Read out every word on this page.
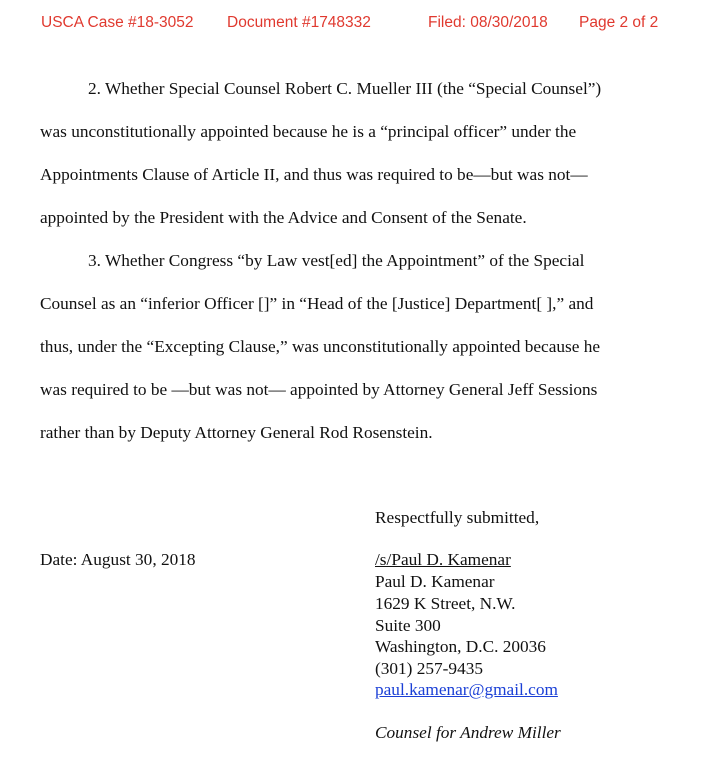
USCA Case #18-3052 Document #1748332	Filed: 08/30/2018 Page 2 of 2
2. Whether Special Counsel Robert C. Mueller III (the “Special Counsel”)
was unconstitutionally appointed because he is a “principal officer” under the
Appointments Clause of Article II, and thus was required to be—but was not—
appointed by the President with the Advice and Consent of the Senate.
3. Whether Congress “by Law vest[ed] the Appointment” of the Special
Counsel as an “inferior Officer []” in “Head of the [Justice] Department[ ],” and
thus, under the “Excepting Clause,” was unconstitutionally appointed because he
was required to be —but was not— appointed by Attorney General Jeff Sessions
rather than by Deputy Attorney General Rod Rosenstein.
Respectfully submitted,
Date: August 30, 2018	/s/Paul D. Kamenar
Paul D. Kamenar
1629 K Street, N.W.
Suite 300
Washington, D.C. 20036
(301) 257-9435
paul.kamenar@gmail.com
Counsel for Andrew Miller
